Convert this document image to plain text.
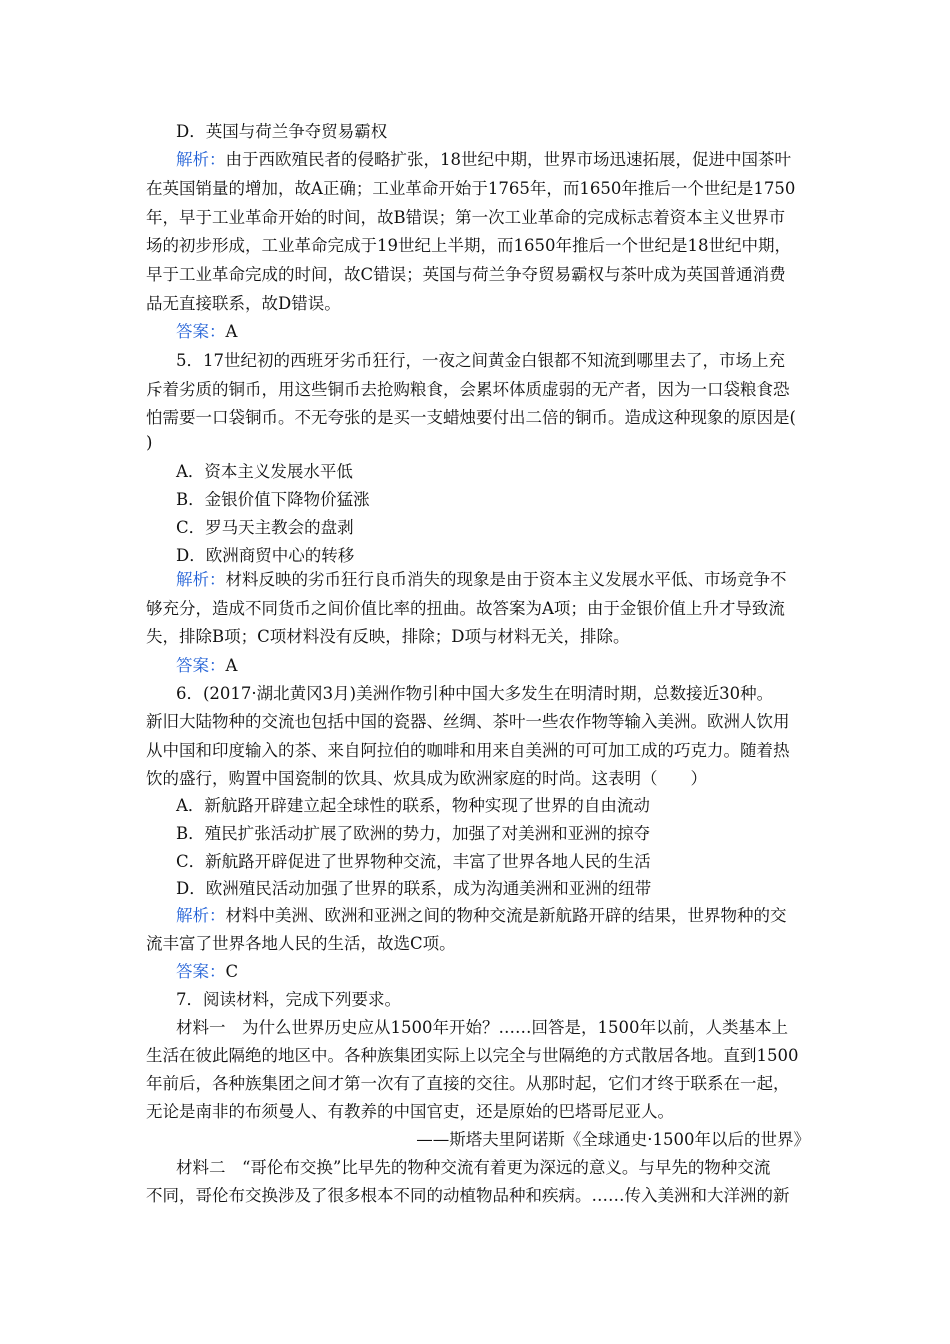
D．英国与荷兰争夺贸易霸权
解析：由于西欧殖民者的侵略扩张，18世纪中期，世界市场迅速拓展，促进中国茶叶
在英国销量的增加，故A正确；工业革命开始于1765年，而1650年推后一个世纪是1750
年，早于工业革命开始的时间，故B错误；第一次工业革命的完成标志着资本主义世界市
场的初步形成，工业革命完成于19世纪上半期，而1650年推后一个世纪是18世纪中期，
早于工业革命完成的时间，故C错误；英国与荷兰争夺贸易霸权与茶叶成为英国普通消费
品无直接联系，故D错误。
答案：A
5．17世纪初的西班牙劣币狂行，一夜之间黄金白银都不知流到哪里去了，市场上充
斥着劣质的铜币，用这些铜币去抢购粮食，会累坏体质虚弱的无产者，因为一口袋粮食恐
怕需要一口袋铜币。不无夸张的是买一支蜡烛要付出二倍的铜币。造成这种现象的原因是(
)
A．资本主义发展水平低
B．金银价值下降物价猛涨
C．罗马天主教会的盘剥
D．欧洲商贸中心的转移
解析：材料反映的劣币狂行良币消失的现象是由于资本主义发展水平低、市场竞争不
够充分，造成不同货币之间价值比率的扭曲。故答案为A项；由于金银价值上升才导致流
失，排除B项；C项材料没有反映，排除；D项与材料无关，排除。
答案：A
6．(2017·湖北黄冈3月)美洲作物引种中国大多发生在明清时期，总数接近30种。
新旧大陆物种的交流也包括中国的瓷器、丝绸、茶叶一些农作物等输入美洲。欧洲人饮用
从中国和印度输入的茶、来自阿拉伯的咖啡和用来自美洲的可可加工成的巧克力。随着热
饮的盛行，购置中国瓷制的饮具、炊具成为欧洲家庭的时尚。这表明（　　）
A．新航路开辟建立起全球性的联系，物种实现了世界的自由流动
B．殖民扩张活动扩展了欧洲的势力，加强了对美洲和亚洲的掠夺
C．新航路开辟促进了世界物种交流，丰富了世界各地人民的生活
D．欧洲殖民活动加强了世界的联系，成为沟通美洲和亚洲的纽带
解析：材料中美洲、欧洲和亚洲之间的物种交流是新航路开辟的结果，世界物种的交
流丰富了世界各地人民的生活，故选C项。
答案：C
7．阅读材料，完成下列要求。
材料一　为什么世界历史应从1500年开始？……回答是，1500年以前，人类基本上
生活在彼此隔绝的地区中。各种族集团实际上以完全与世隔绝的方式散居各地。直到1500
年前后，各种族集团之间才第一次有了直接的交往。从那时起，它们才终于联系在一起，
无论是南非的布须曼人、有教养的中国官吏，还是原始的巴塔哥尼亚人。
——斯塔夫里阿诺斯《全球通史·1500年以后的世界》
材料二　“哥伦布交换”比早先的物种交流有着更为深远的意义。与早先的物种交流
不同，哥伦布交换涉及了很多根本不同的动植物品种和疾病。……传入美洲和大洋洲的新
